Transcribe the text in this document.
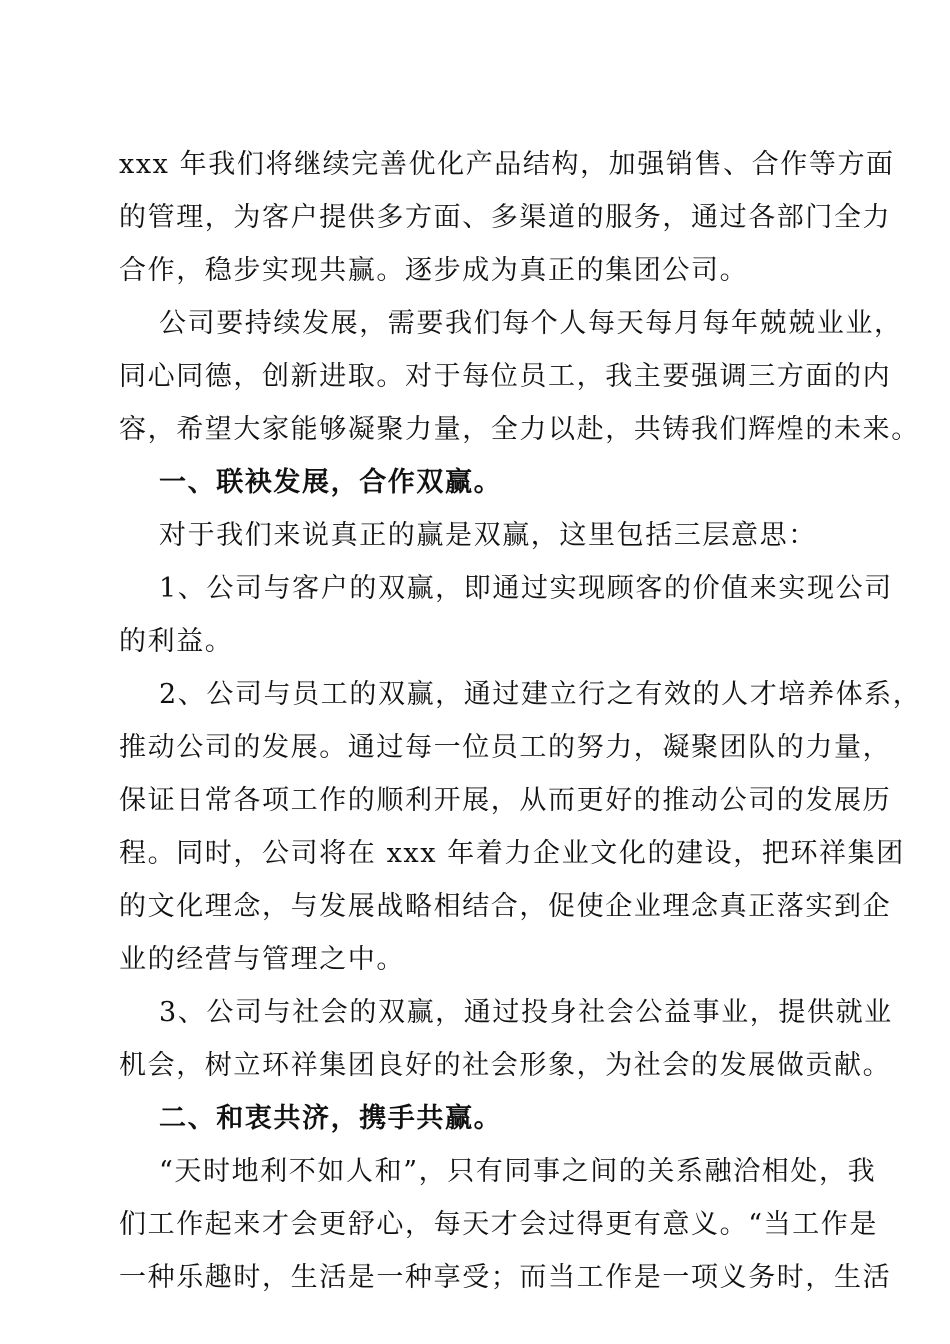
xxx 年我们将继续完善优化产品结构，加强销售、合作等方面
的管理，为客户提供多方面、多渠道的服务，通过各部门全力
合作，稳步实现共赢。逐步成为真正的集团公司。
公司要持续发展，需要我们每个人每天每月每年兢兢业业，
同心同德，创新进取。对于每位员工，我主要强调三方面的内
容，希望大家能够凝聚力量，全力以赴，共铸我们辉煌的未来。
一、联袂发展，合作双赢。
对于我们来说真正的赢是双赢，这里包括三层意思：
1、公司与客户的双赢，即通过实现顾客的价值来实现公司
的利益。
2、公司与员工的双赢，通过建立行之有效的人才培养体系，
推动公司的发展。通过每一位员工的努力，凝聚团队的力量，
保证日常各项工作的顺利开展，从而更好的推动公司的发展历
程。同时，公司将在 xxx 年着力企业文化的建设，把环祥集团
的文化理念，与发展战略相结合，促使企业理念真正落实到企
业的经营与管理之中。
3、公司与社会的双赢，通过投身社会公益事业，提供就业
机会，树立环祥集团良好的社会形象，为社会的发展做贡献。
二、和衷共济，携手共赢。
“天时地利不如人和”，只有同事之间的关系融洽相处，我
们工作起来才会更舒心，每天才会过得更有意义。“当工作是
一种乐趣时，生活是一种享受；而当工作是一项义务时，生活
